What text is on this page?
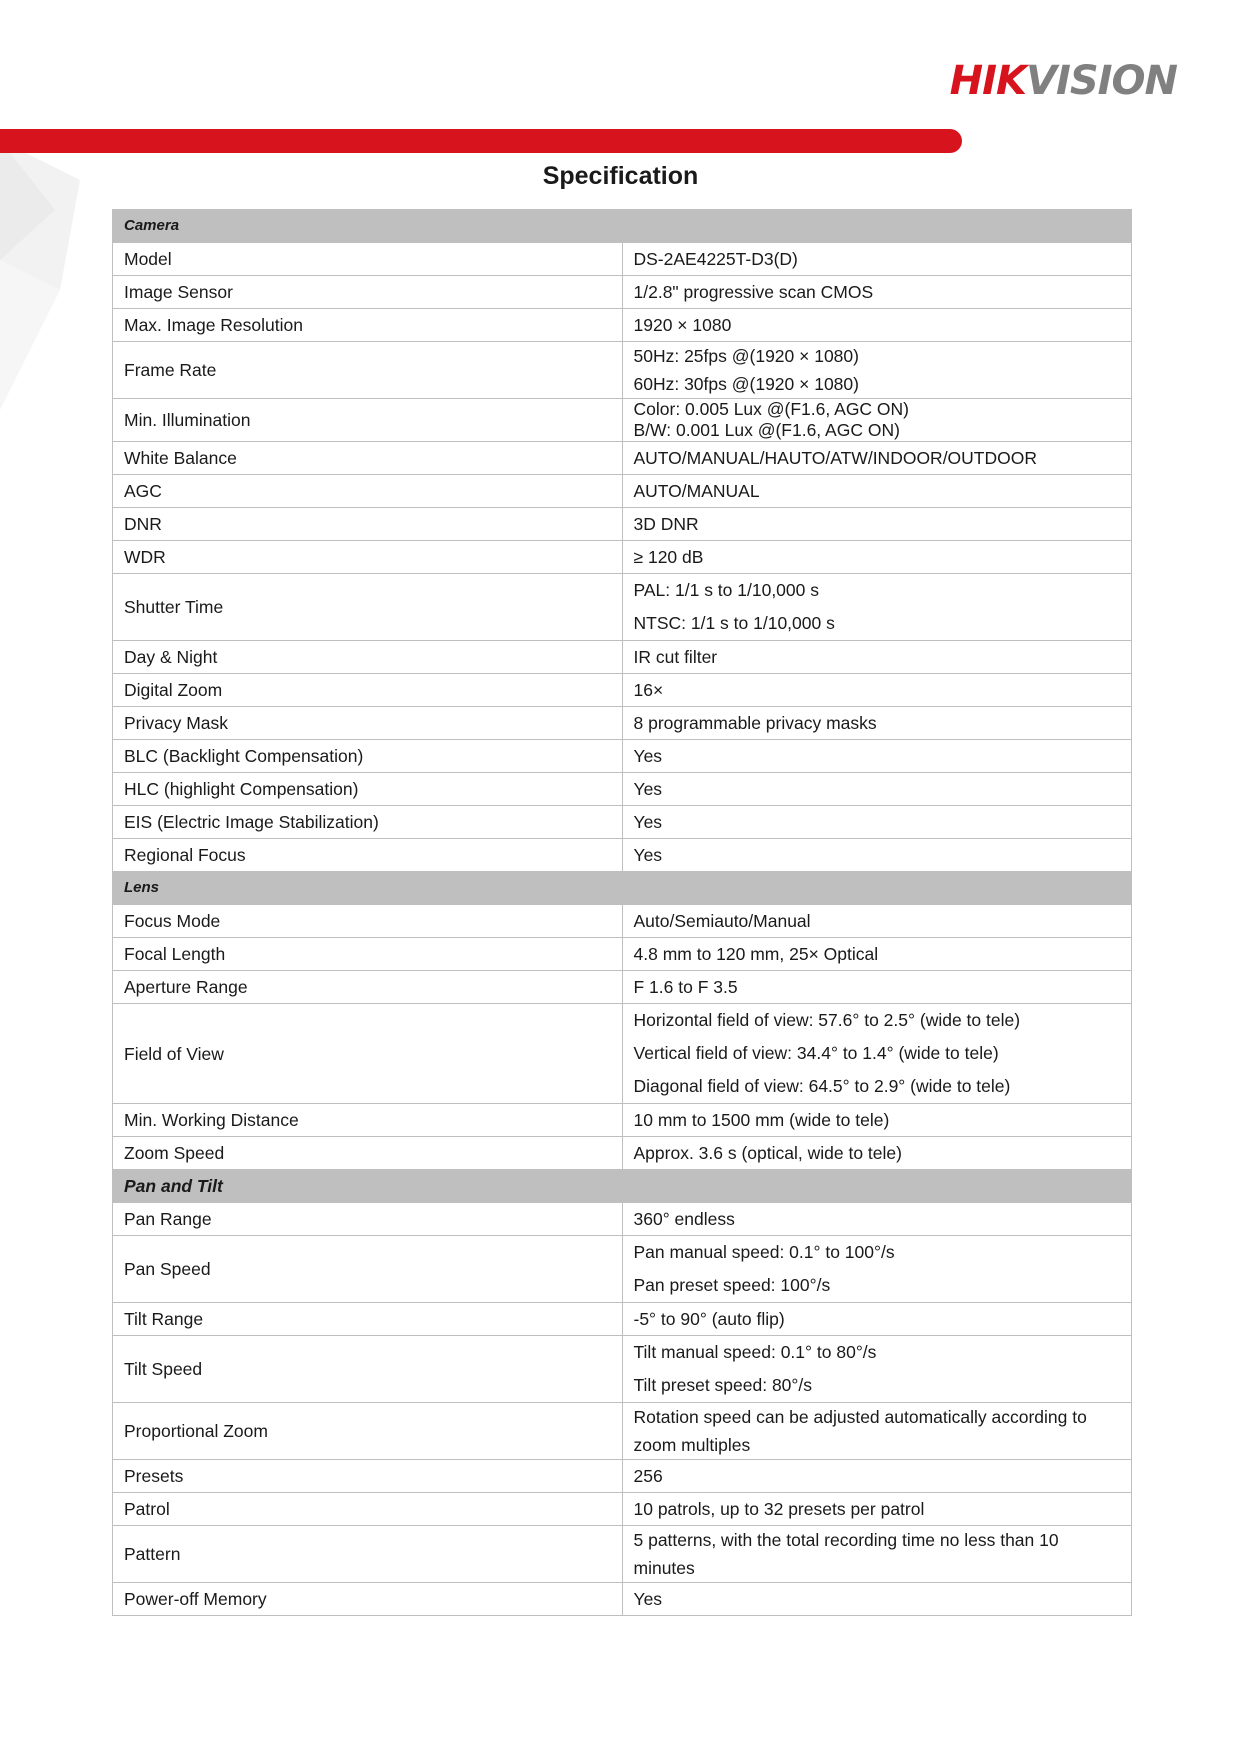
HIKVISION
Specification
Camera	
Model	DS-2AE4225T-D3(D)
Image Sensor	1/2.8" progressive scan CMOS
Max. Image Resolution	1920 × 1080
Frame Rate	50Hz: 25fps @(1920 × 1080)
60Hz: 30fps @(1920 × 1080)

Min. Illumination	Color: 0.005 Lux @(F1.6, AGC ON)
B/W: 0.001 Lux @(F1.6, AGC ON)

White Balance	AUTO/MANUAL/HAUTO/ATW/INDOOR/OUTDOOR
AGC	AUTO/MANUAL
DNR	3D DNR
WDR	≥ 120 dB
Shutter Time	PAL: 1/1 s to 1/10,000 s
NTSC: 1/1 s to 1/10,000 s

Day & Night	IR cut filter
Digital Zoom	16×
Privacy Mask	8 programmable privacy masks
BLC (Backlight Compensation)	Yes
HLC (highlight Compensation)	Yes
EIS (Electric Image Stabilization)	Yes
Regional Focus	Yes
Lens	
Focus Mode	Auto/Semiauto/Manual
Focal Length	4.8 mm to 120 mm, 25× Optical
Aperture Range	F 1.6 to F 3.5
Field of View	Horizontal field of view: 57.6° to 2.5° (wide to tele)
Vertical field of view: 34.4° to 1.4° (wide to tele)
Diagonal field of view: 64.5° to 2.9° (wide to tele)

Min. Working Distance	10 mm to 1500 mm (wide to tele)
Zoom Speed	Approx. 3.6 s (optical, wide to tele)
Pan and Tilt	
Pan Range	360° endless
Pan Speed	Pan manual speed: 0.1° to 100°/s
Pan preset speed: 100°/s

Tilt Range	-5° to 90° (auto flip)
Tilt Speed	Tilt manual speed: 0.1° to 80°/s
Tilt preset speed: 80°/s

Proportional Zoom	Rotation speed can be adjusted automatically according to zoom multiples
Presets	256
Patrol	10 patrols, up to 32 presets per patrol
Pattern	5 patterns, with the total recording time no less than 10 minutes
Power-off Memory	Yes
